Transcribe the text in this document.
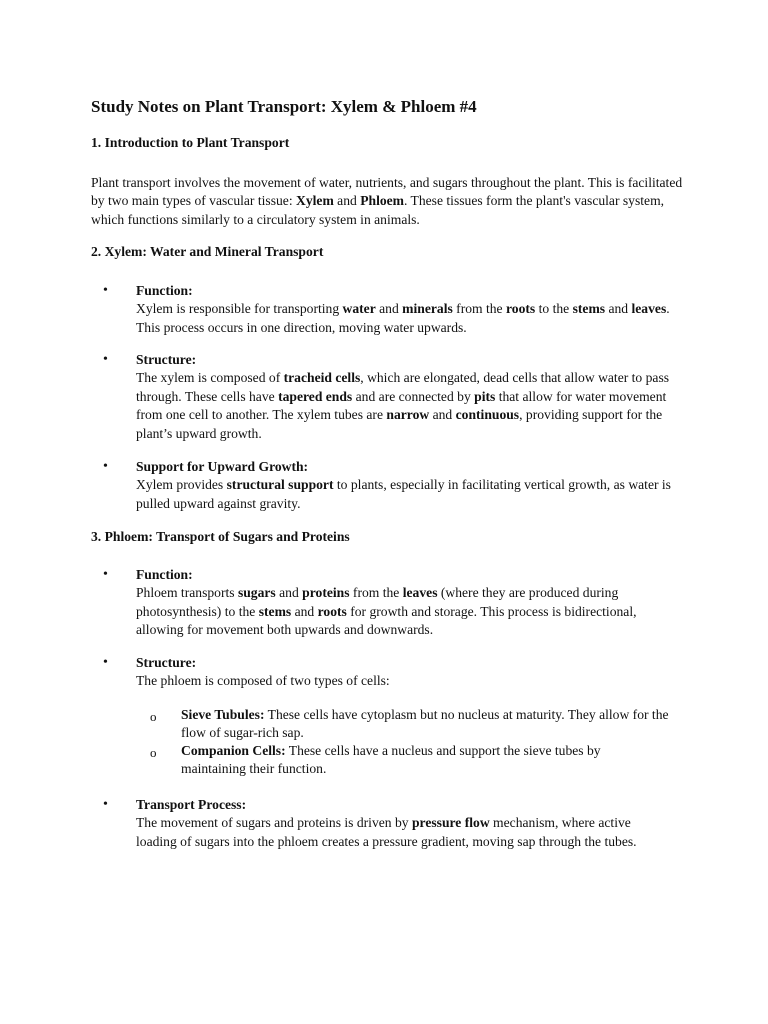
Study Notes on Plant Transport: Xylem & Phloem #4
1. Introduction to Plant Transport

Plant transport involves the movement of water, nutrients, and sugars throughout the plant. This is facilitated by two main types of vascular tissue: Xylem and Phloem. These tissues form the plant's vascular system, which functions similarly to a circulatory system in animals.

2. Xylem: Water and Mineral Transport
• Function:
Xylem is responsible for transporting water and minerals from the roots to the stems and leaves. This process occurs in one direction, moving water upwards.
• Structure:
The xylem is composed of tracheid cells, which are elongated, dead cells that allow water to pass through. These cells have tapered ends and are connected by pits that allow for water movement from one cell to another. The xylem tubes are narrow and continuous, providing support for the plant’s upward growth.
• Support for Upward Growth:
Xylem provides structural support to plants, especially in facilitating vertical growth, as water is pulled upward against gravity.
3. Phloem: Transport of Sugars and Proteins
• Function:
Phloem transports sugars and proteins from the leaves (where they are produced during photosynthesis) to the stems and roots for growth and storage. This process is bidirectional, allowing for movement both upwards and downwards.
• Structure:
The phloem is composed of two types of cells:
o Sieve Tubules: These cells have cytoplasm but no nucleus at maturity. They allow for the flow of sugar-rich sap.
o Companion Cells: These cells have a nucleus and support the sieve tubes by maintaining their function.
• Transport Process:
The movement of sugars and proteins is driven by pressure flow mechanism, where active loading of sugars into the phloem creates a pressure gradient, moving sap through the tubes.
